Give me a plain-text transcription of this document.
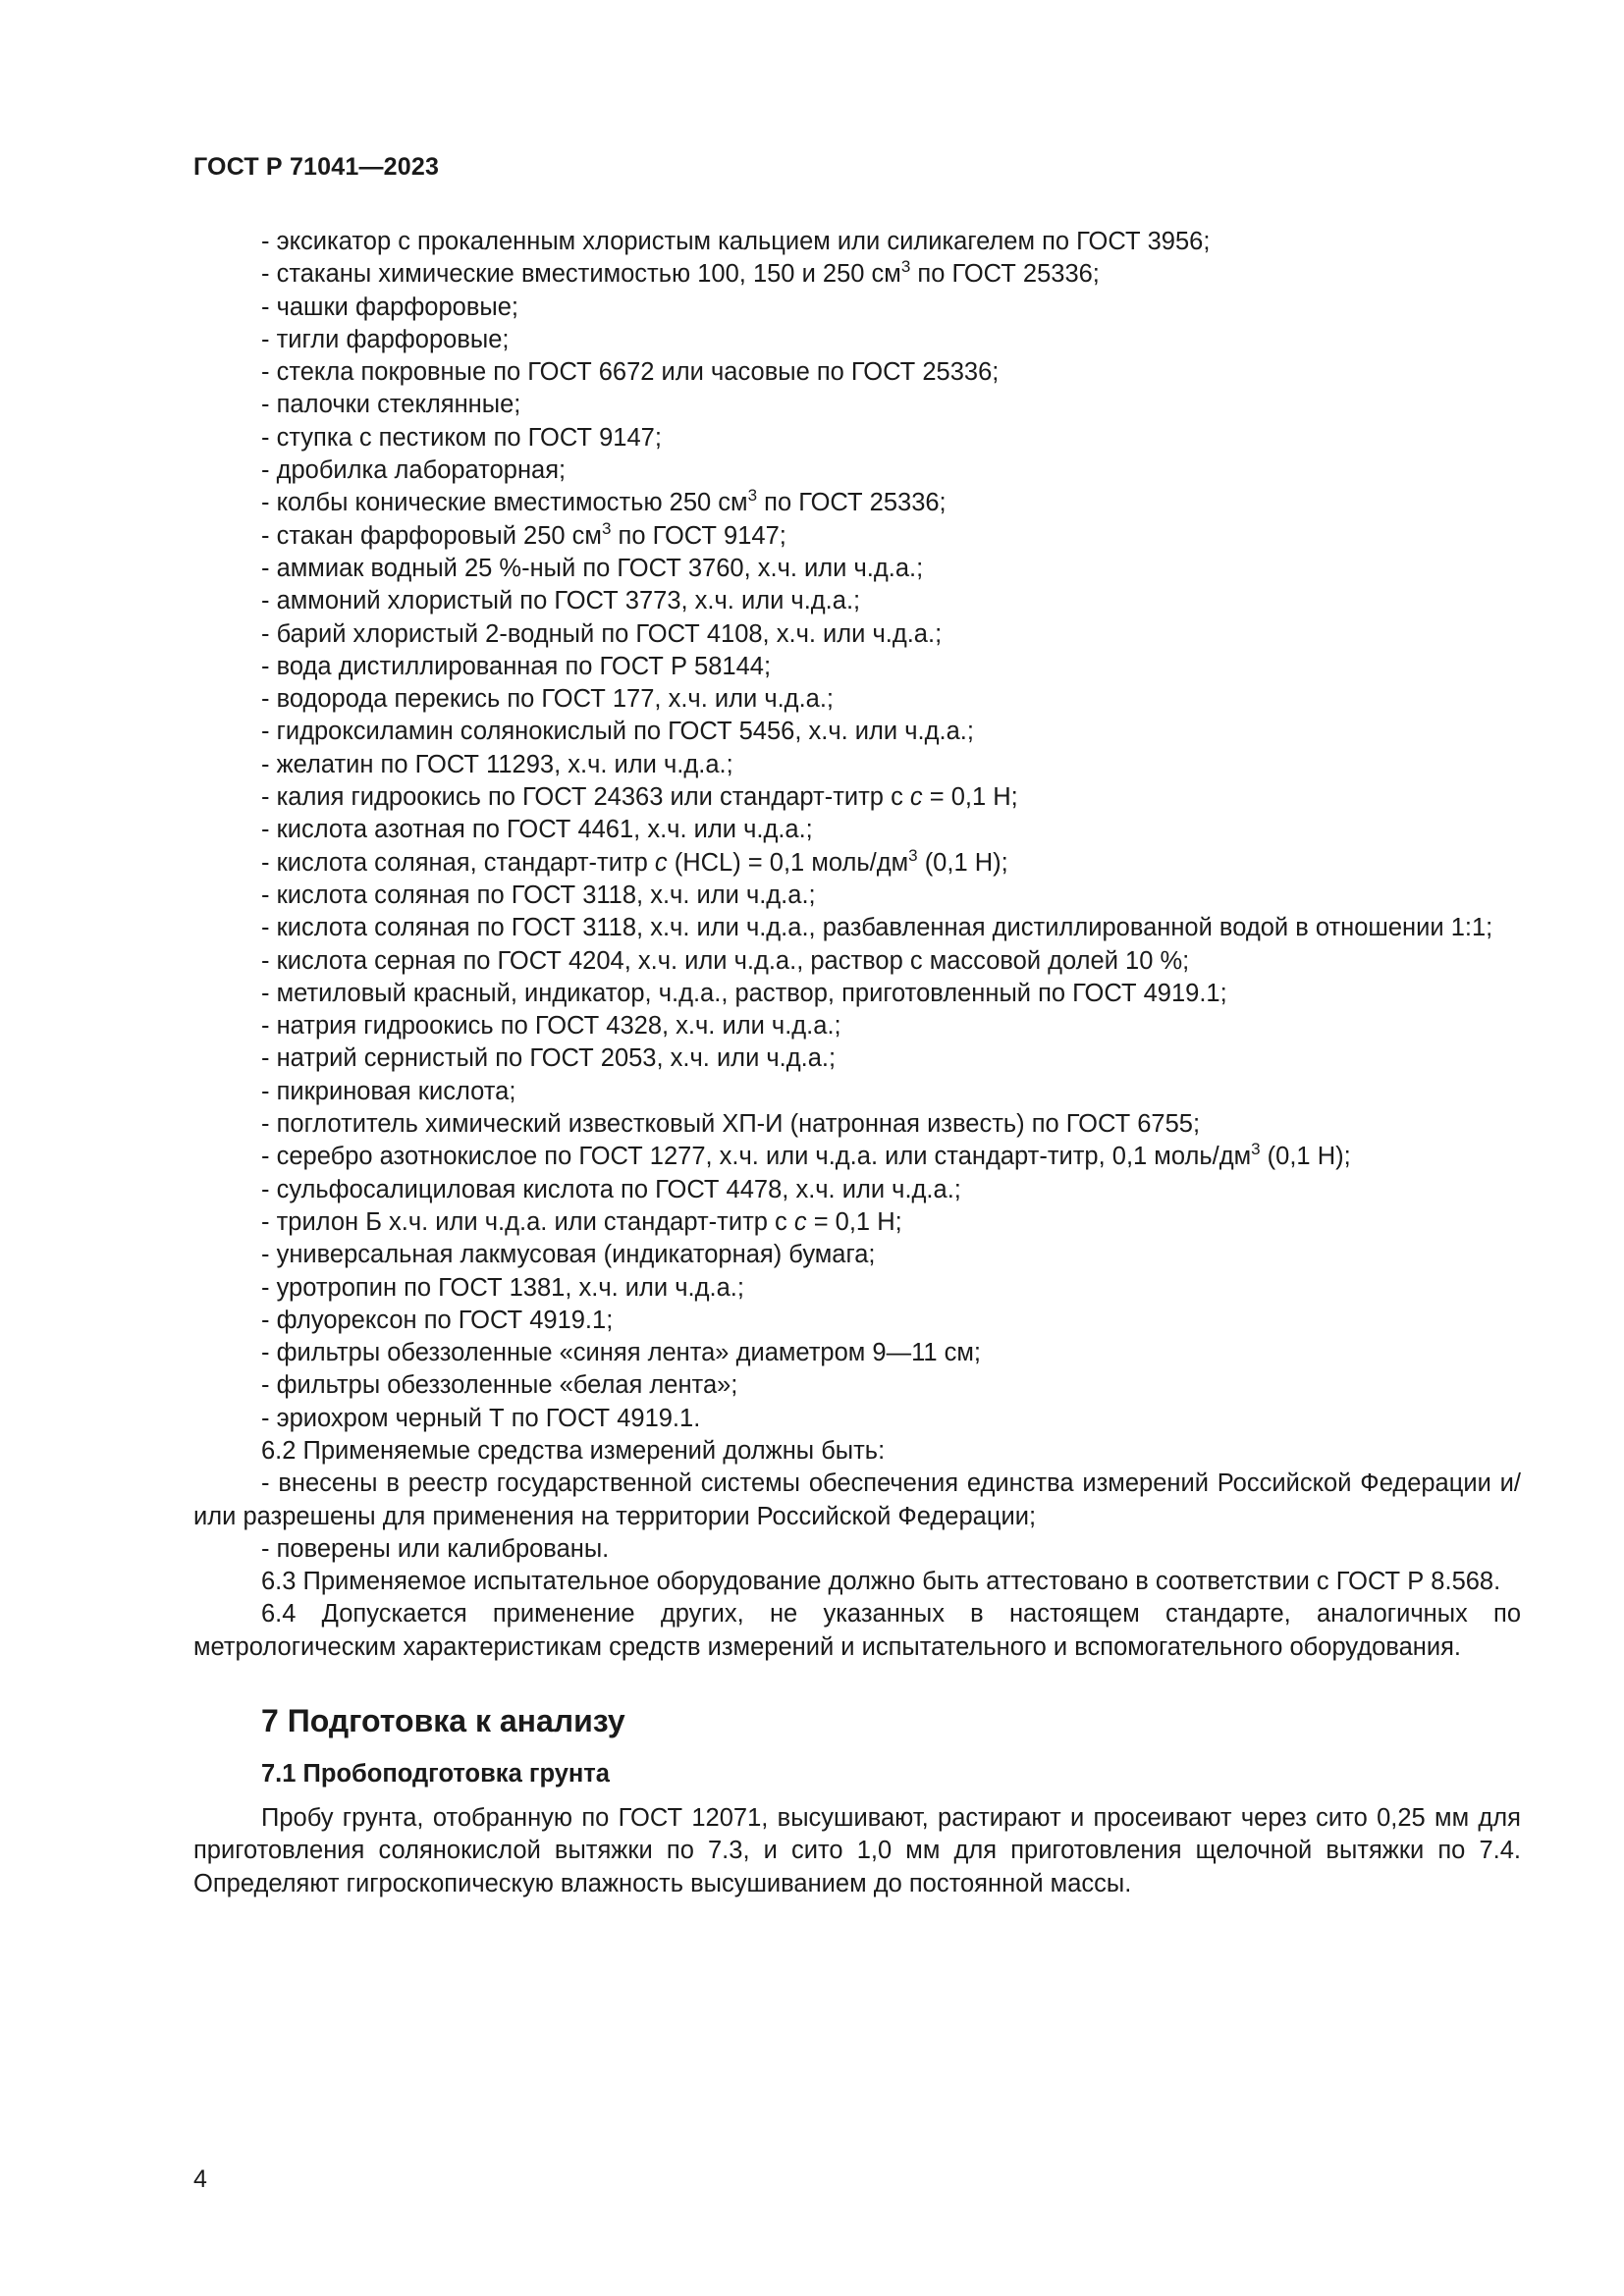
ГОСТ Р 71041—2023

- эксикатор с прокаленным хлористым кальцием или силикагелем по ГОСТ 3956;

- стаканы химические вместимостью 100, 150 и 250 $см^3$ по ГОСТ 25336;

- чашки фарфоровые;

- тигли фарфоровые;

- стекла покровные по ГОСТ 6672 или часовые по ГОСТ 25336;

- палочки стеклянные;

- ступка с пестиком по ГОСТ 9147;

- дробилка лабораторная;

- колбы конические вместимостью 250 $см^3$ по ГОСТ 25336;

- стакан фарфоровый 250 $см^3$ по ГОСТ 9147;

- аммиак водный 25 %-ный по ГОСТ 3760, х.ч. или ч.д.а.;

- аммоний хлористый по ГОСТ 3773, х.ч. или ч.д.а.;

- барий хлористый 2-водный по ГОСТ 4108, х.ч. или ч.д.а.;

- вода дистиллированная по ГОСТ Р 58144;

- водорода перекись по ГОСТ 177, х.ч. или ч.д.а.;

- гидроксиламин солянокислый по ГОСТ 5456, х.ч. или ч.д.а.;

- желатин по ГОСТ 11293, х.ч. или ч.д.а.;

- калия гидроокись по ГОСТ 24363 или стандарт-титр с с = 0,1 Н;

- кислота азотная по ГОСТ 4461, х.ч. или ч.д.а.;

- кислота соляная, стандарт-титр с (HCL) = 0,1 моль/$дм^3$ (0,1 Н);

- кислота соляная по ГОСТ 3118, х.ч. или ч.д.а.;

- кислота соляная по ГОСТ 3118, х.ч. или ч.д.а., разбавленная дистиллированной водой в отношении 1:1;

- кислота серная по ГОСТ 4204, х.ч. или ч.д.а., раствор с массовой долей 10 %;

- метиловый красный, индикатор, ч.д.а., раствор, приготовленный по ГОСТ 4919.1;

- натрия гидроокись по ГОСТ 4328, х.ч. или ч.д.а.;

- натрий сернистый по ГОСТ 2053, х.ч. или ч.д.а.;

- пикриновая кислота;

- поглотитель химический известковый ХП-И (натронная известь) по ГОСТ 6755;

- серебро азотнокислое по ГОСТ 1277, х.ч. или ч.д.а. или стандарт-титр, 0,1 моль/$дм^3$ (0,1 Н);

- сульфосалициловая кислота по ГОСТ 4478, х.ч. или ч.д.а.;

- трилон Б х.ч. или ч.д.а. или стандарт-титр с с = 0,1 Н;

- универсальная лакмусовая (индикаторная) бумага;

- уротропин по ГОСТ 1381, х.ч. или ч.д.а.;

- флуорексон по ГОСТ 4919.1;

- фильтры обеззоленные «синяя лента» диаметром 9—11 см;

- фильтры обеззоленные «белая лента»;

- эриохром черный Т по ГОСТ 4919.1.

6.2 Применяемые средства измерений должны быть:

- внесены в реестр государственной системы обеспечения единства измерений Российской Федерации и/или разрешены для применения на территории Российской Федерации;

- поверены или калиброваны.

6.3 Применяемое испытательное оборудование должно быть аттестовано в соответствии с ГОСТ Р 8.568.

6.4 Допускается применение других, не указанных в настоящем стандарте, аналогичных по метрологическим характеристикам средств измерений и испытательного и вспомогательного оборудования.

7 Подготовка к анализу
7.1 Пробоподготовка грунта

Пробу грунта, отобранную по ГОСТ 12071, высушивают, растирают и просеивают через сито 0,25 мм для приготовления солянокислой вытяжки по 7.3, и сито 1,0 мм для приготовления щелочной вытяжки по 7.4. Определяют гигроскопическую влажность высушиванием до постоянной массы.

4
